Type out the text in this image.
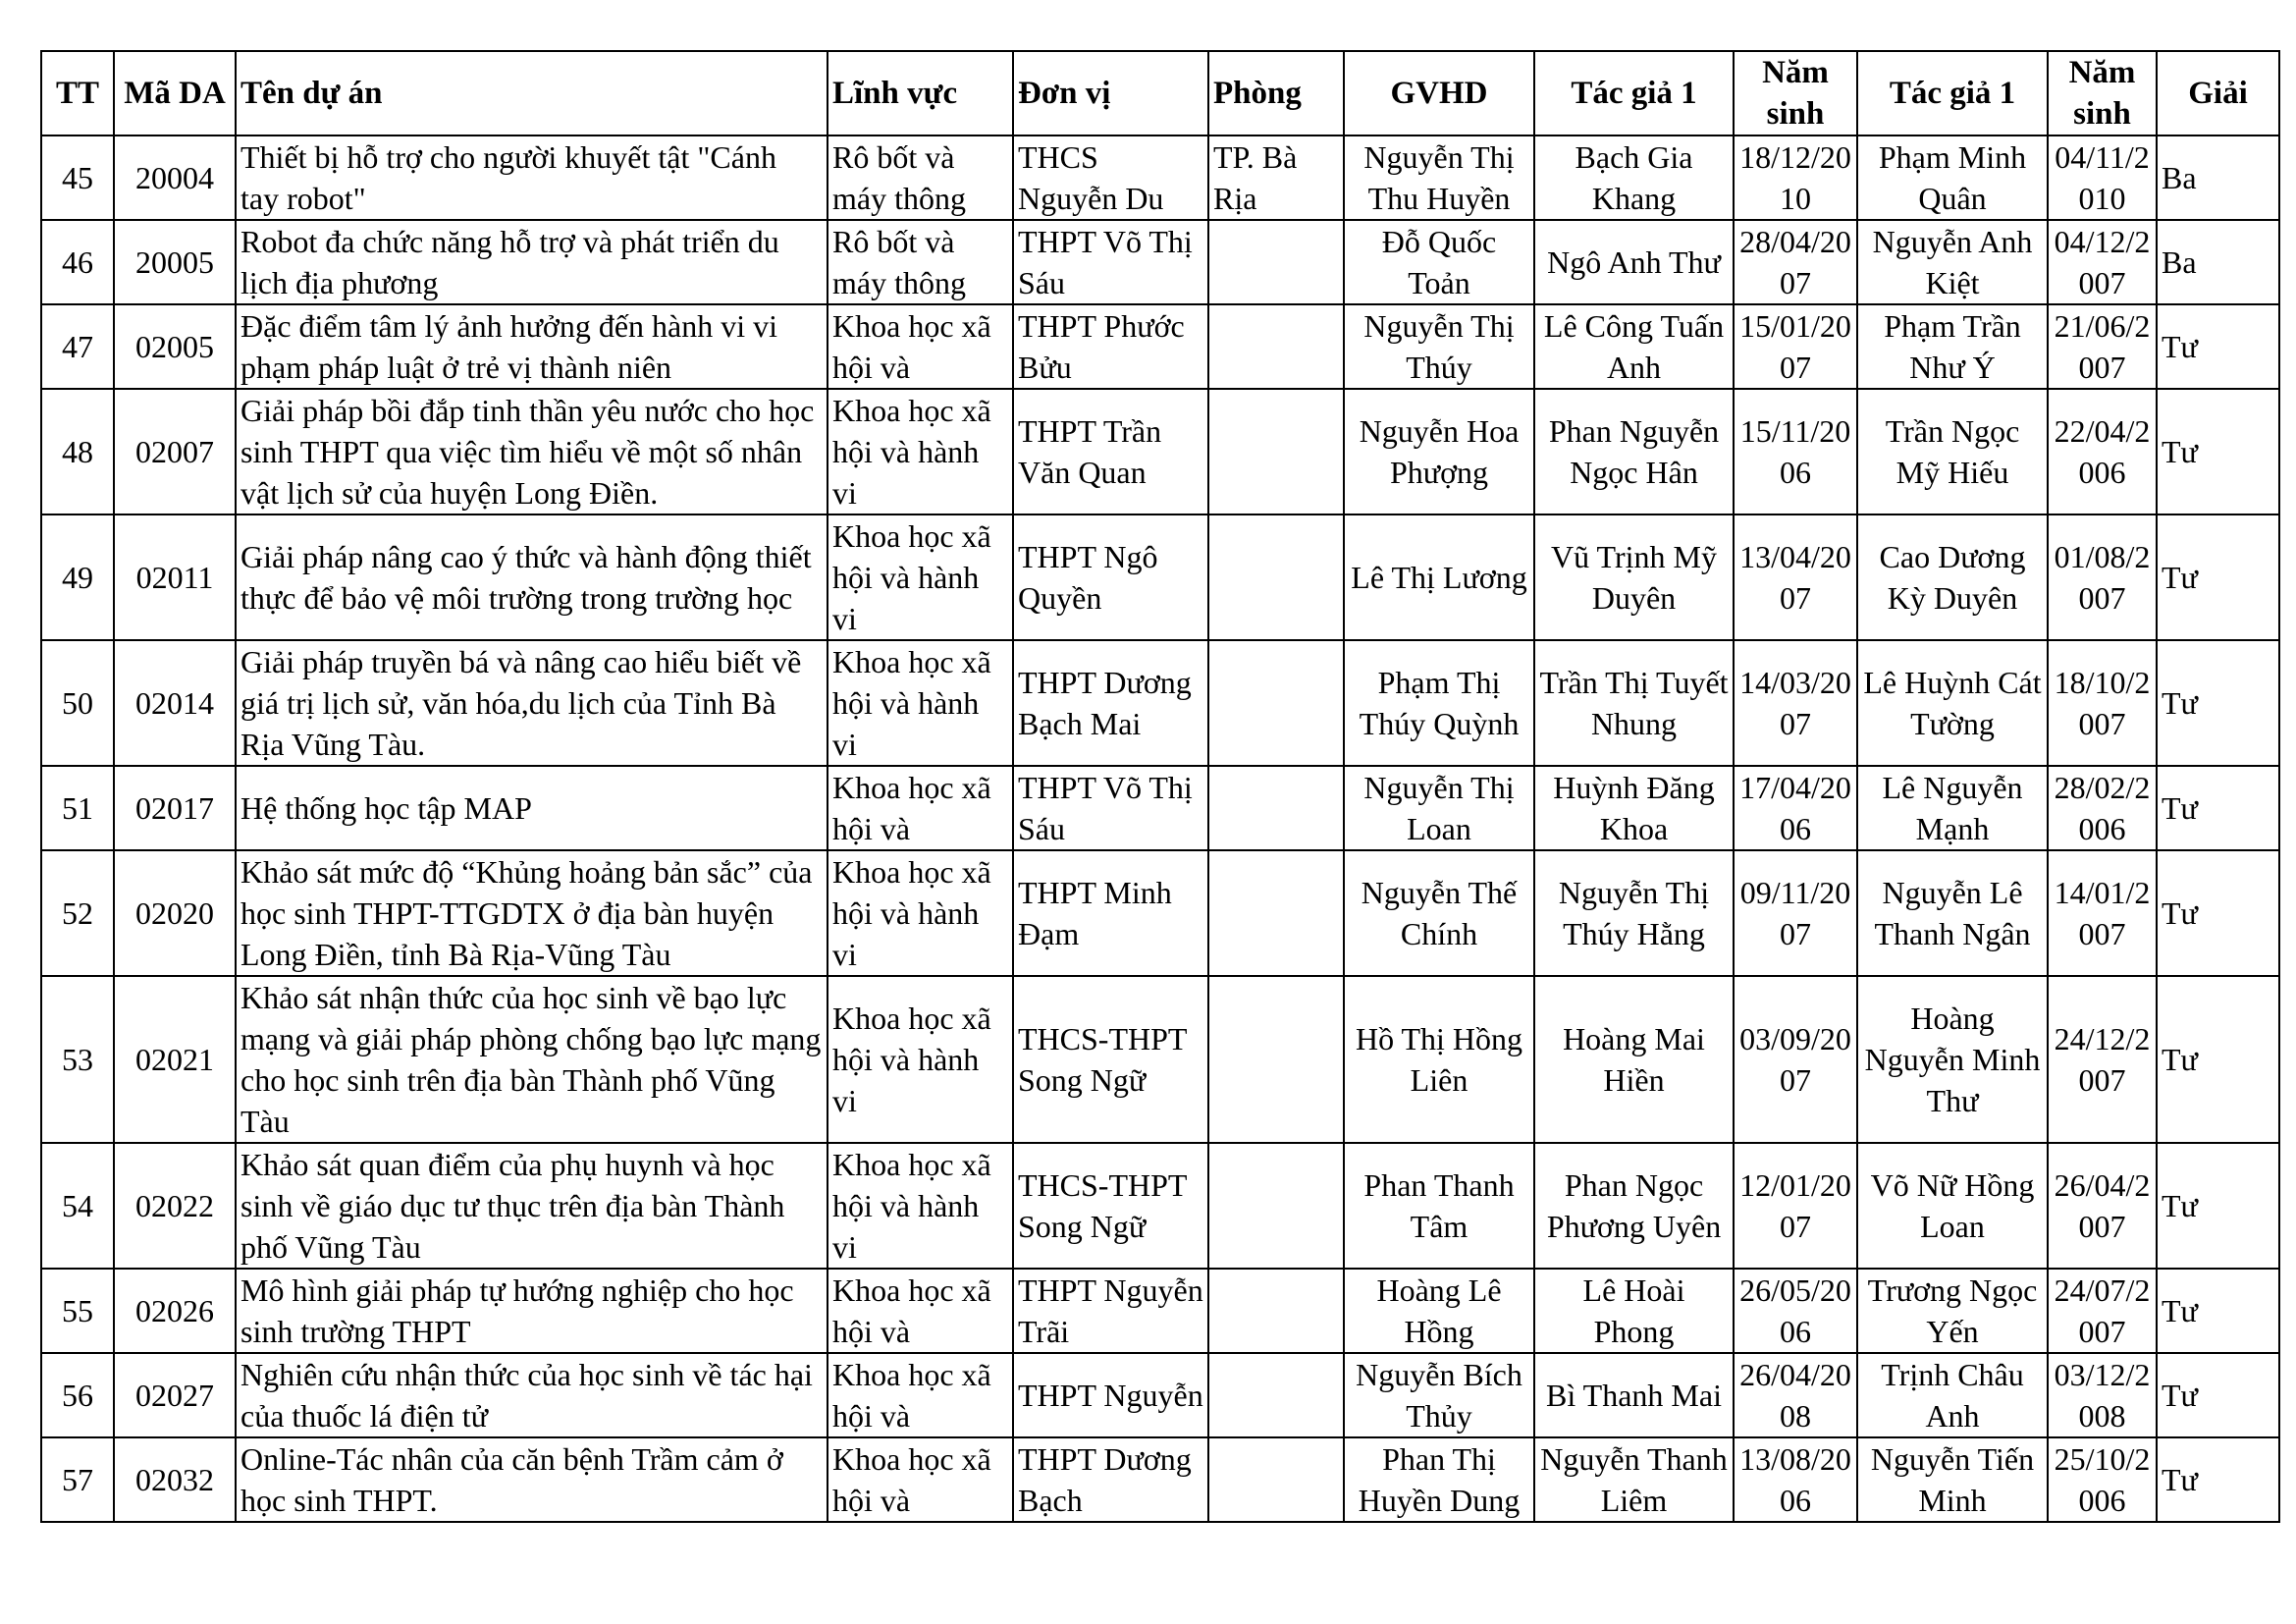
TT	Mã DA	Tên dự án	Lĩnh vực	Đơn vị	Phòng	GVHD	Tác giả 1	Năm sinh	Tác giả 1	Năm sinh	Giải

45	20004	Thiết bị hỗ trợ cho người khuyết tật "Cánh tay robot"	Rô bốt và máy thông	THCS Nguyễn Du	TP. Bà Rịa	Nguyễn Thị Thu Huyền	Bạch Gia Khang	18/12/2010	Phạm Minh Quân	04/11/2010	Ba

46	20005	Robot đa chức năng hỗ trợ và phát triển du lịch địa phương	Rô bốt và máy thông	THPT Võ Thị Sáu		Đỗ Quốc Toản	Ngô Anh Thư	28/04/2007	Nguyễn Anh Kiệt	04/12/2007	Ba

47	02005	Đặc điểm tâm lý ảnh hưởng đến hành vi vi phạm pháp luật ở trẻ vị thành niên	Khoa học xã hội và	THPT Phước Bửu		Nguyễn Thị Thúy	Lê Công Tuấn Anh	15/01/2007	Phạm Trần Như Ý	21/06/2007	Tư

48	02007	Giải pháp bồi đắp tinh thần yêu nước cho học sinh THPT qua việc tìm hiểu về một số nhân vật lịch sử của huyện Long Điền.	Khoa học xã hội và hành vi	THPT Trần Văn Quan		Nguyễn Hoa Phượng	Phan Nguyễn Ngọc Hân	15/11/2006	Trần Ngọc Mỹ Hiếu	22/04/2006	Tư

49	02011	Giải pháp nâng cao ý thức và hành động thiết thực để bảo vệ môi trường trong trường học	Khoa học xã hội và hành vi	THPT Ngô Quyền		Lê Thị Lương	Vũ Trịnh Mỹ Duyên	13/04/2007	Cao Dương Kỳ Duyên	01/08/2007	Tư

50	02014	Giải pháp truyền bá và nâng cao hiểu biết về giá trị lịch sử, văn hóa,du lịch của Tỉnh Bà Rịa Vũng Tàu.	Khoa học xã hội và hành vi	THPT Dương Bạch Mai		Phạm Thị Thúy Quỳnh	Trần Thị Tuyết Nhung	14/03/2007	Lê Huỳnh Cát Tường	18/10/2007	Tư

51	02017	Hệ thống học tập MAP	Khoa học xã hội và	THPT Võ Thị Sáu		Nguyễn Thị Loan	Huỳnh Đăng Khoa	17/04/2006	Lê Nguyễn Mạnh	28/02/2006	Tư

52	02020	Khảo sát mức độ “Khủng hoảng bản sắc” của học sinh THPT-TTGDTX ở địa bàn huyện Long Điền, tỉnh Bà Rịa-Vũng Tàu	Khoa học xã hội và hành vi	THPT Minh Đạm		Nguyễn Thế Chính	Nguyễn Thị Thúy Hằng	09/11/2007	Nguyễn Lê Thanh Ngân	14/01/2007	Tư

53	02021	Khảo sát nhận thức của học sinh về bạo lực mạng và giải pháp phòng chống bạo lực mạng cho học sinh trên địa bàn Thành phố Vũng Tàu	Khoa học xã hội và hành vi	THCS-THPT Song Ngữ		Hồ Thị Hồng Liên	Hoàng Mai Hiền	03/09/2007	Hoàng Nguyễn Minh Thư	24/12/2007	Tư

54	02022	Khảo sát quan điểm của phụ huynh và học sinh về giáo dục tư thục trên địa bàn Thành phố Vũng Tàu	Khoa học xã hội và hành vi	THCS-THPT Song Ngữ		Phan Thanh Tâm	Phan Ngọc Phương Uyên	12/01/2007	Võ Nữ Hồng Loan	26/04/2007	Tư

55	02026	Mô hình giải pháp tự hướng nghiệp cho học sinh trường THPT	Khoa học xã hội và	THPT Nguyễn Trãi		Hoàng Lê Hồng	Lê Hoài Phong	26/05/2006	Trương Ngọc Yến	24/07/2007	Tư

56	02027	Nghiên cứu nhận thức của học sinh về tác hại của thuốc lá điện tử	Khoa học xã hội và	THPT Nguyễn		Nguyễn Bích Thủy	Bì Thanh Mai	26/04/2008	Trịnh Châu Anh	03/12/2008	Tư

57	02032	Online-Tác nhân của căn bệnh Trầm cảm ở học sinh THPT.	Khoa học xã hội và	THPT Dương Bạch		Phan Thị Huyền Dung	Nguyễn Thanh Liêm	13/08/2006	Nguyễn Tiến Minh	25/10/2006	Tư
